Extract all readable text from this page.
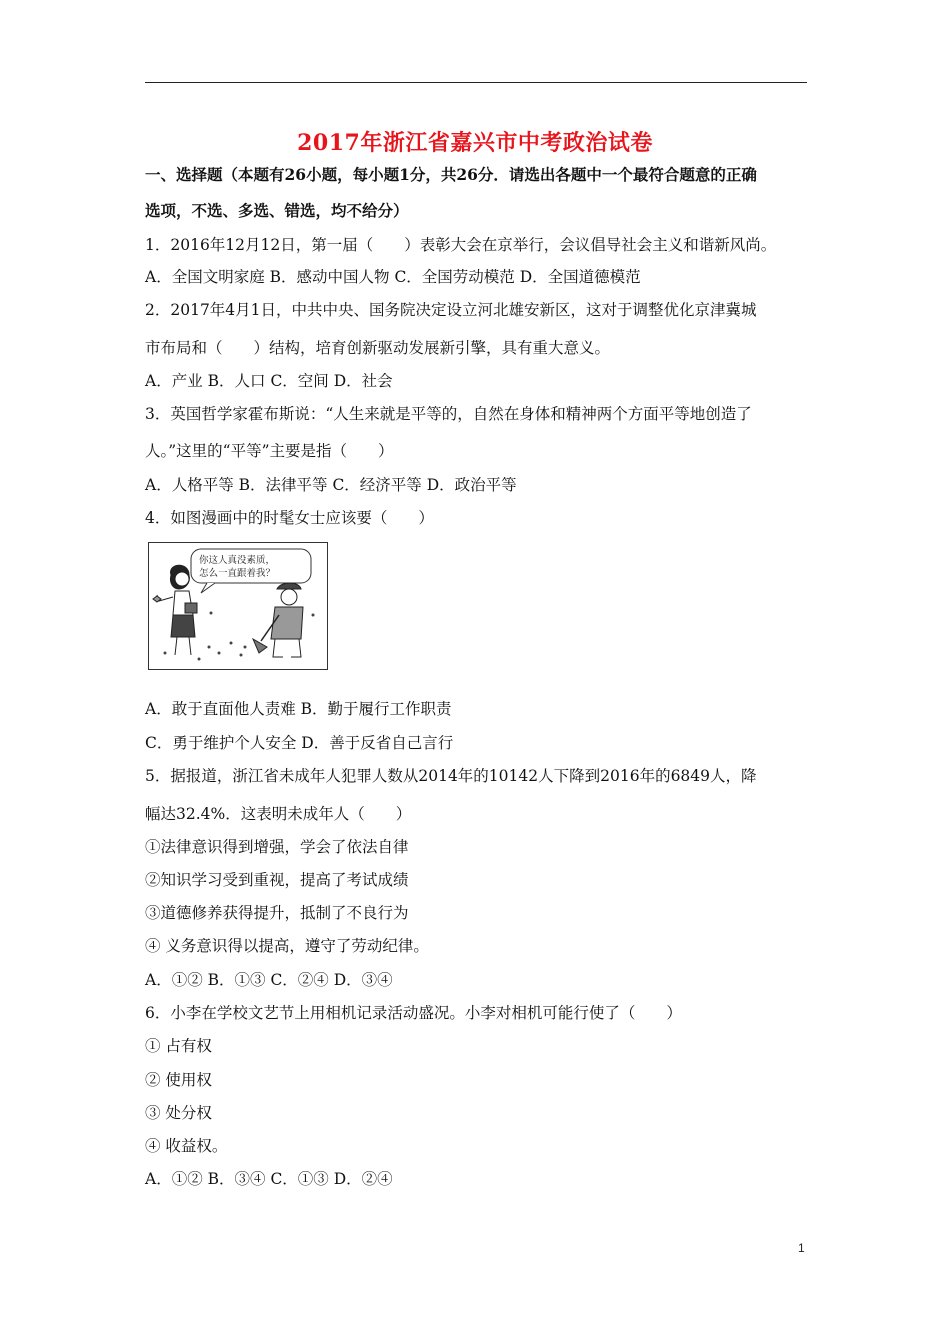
2017年浙江省嘉兴市中考政治试卷
一、选择题（本题有26小题，每小题1分，共26分．请选出各题中一个最符合题意的正确
选项，不选、多选、错选，均不给分）
1．2016年12月12日，第一届（　　）表彰大会在京举行，会议倡导社会主义和谐新风尚。
A．全国文明家庭 B．感动中国人物 C．全国劳动模范 D．全国道德模范
2．2017年4月1日，中共中央、国务院决定设立河北雄安新区，这对于调整优化京津冀城
市布局和（　　）结构，培育创新驱动发展新引擎，具有重大意义。
A．产业 B．人口 C．空间 D．社会
3．英国哲学家霍布斯说：“人生来就是平等的，自然在身体和精神两个方面平等地创造了
人。”这里的“平等”主要是指（　　）
A．人格平等 B．法律平等 C．经济平等 D．政治平等
4．如图漫画中的时髦女士应该要（　　）
你这人真没素质，
怎么一直跟着我？
A．敢于直面他人责难 B．勤于履行工作职责
C．勇于维护个人安全 D．善于反省自己言行
5．据报道，浙江省未成年人犯罪人数从2014年的10142人下降到2016年的6849人，降
幅达32.4%．这表明未成年人（　　）
①法律意识得到增强，学会了依法自律
②知识学习受到重视，提高了考试成绩
③道德修养获得提升，抵制了不良行为
④ 义务意识得以提高，遵守了劳动纪律。
A．①② B．①③ C．②④ D．③④
6．小李在学校文艺节上用相机记录活动盛况。小李对相机可能行使了（　　）
① 占有权
② 使用权
③ 处分权
④ 收益权。
A．①② B．③④ C．①③ D．②④
1
